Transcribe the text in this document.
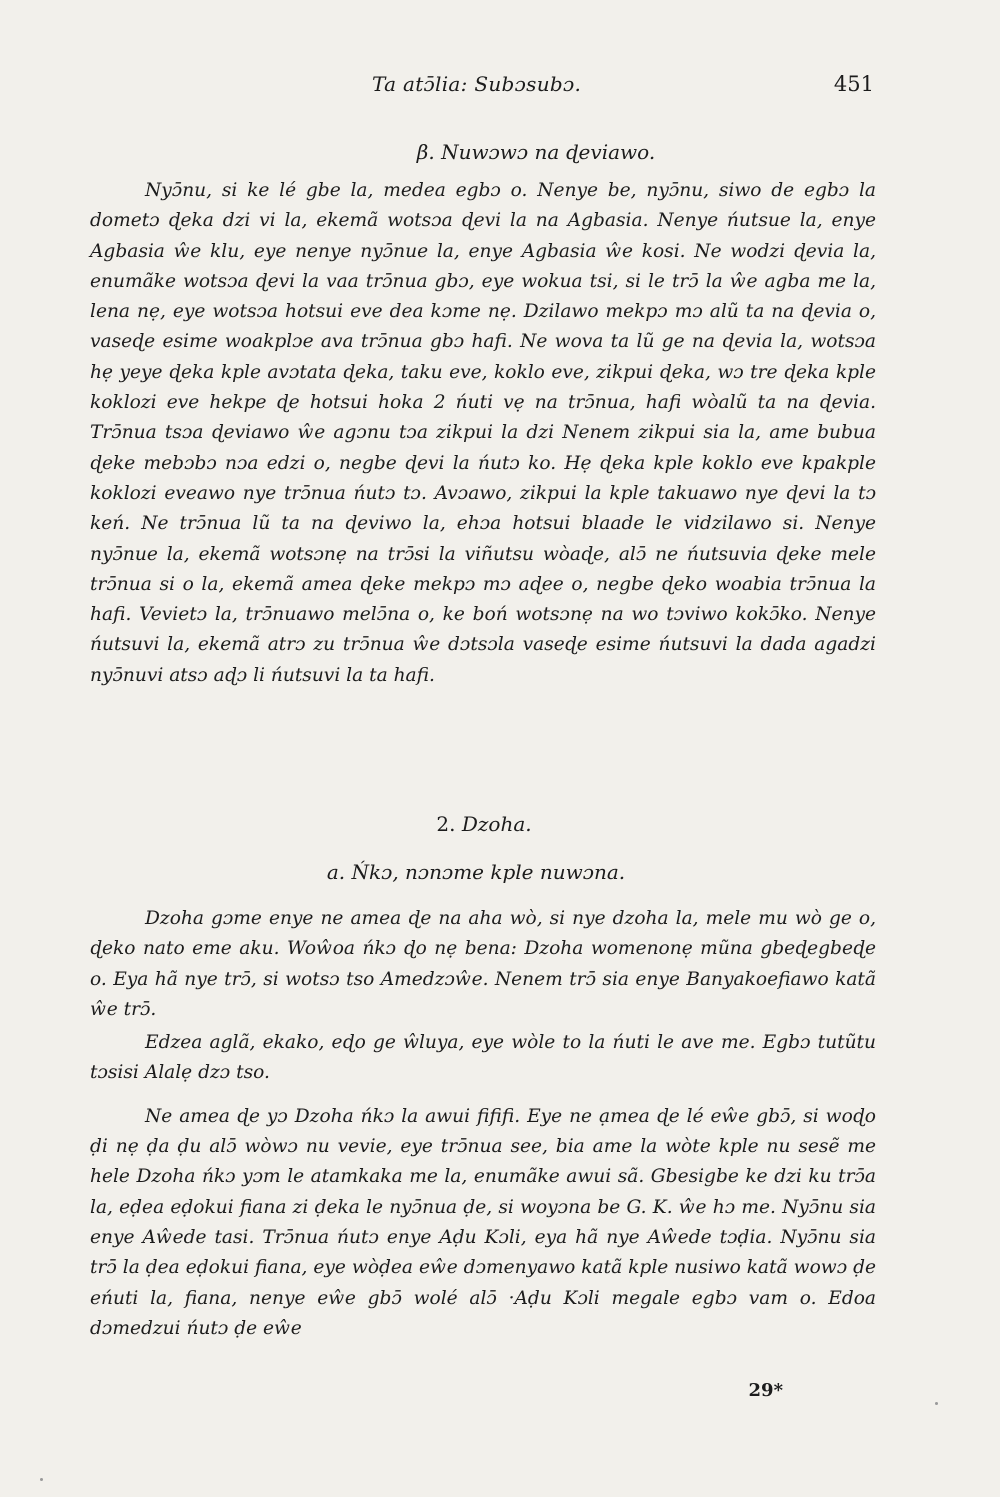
Ta atɔ̄lia: Subɔsubɔ.	451
β. Nuwɔwɔ na ɖeviawo.

Nyɔ̄nu, si ke lé gbe la, medea egbɔ o. Nenye be, nyɔ̄nu, siwo de egbɔ la dometɔ ɖeka dzi vi la, ekemã wotsɔa ɖevi la na Agbasia. Nenye ńutsue la, enye Agbasia ŵe klu, eye nenye nyɔ̄nue la, enye Agbasia ŵe kosi. Ne wodzi ɖevia la, enumãke wotsɔa ɖevi la vaa trɔ̄nua gbɔ, eye wokua tsi, si le trɔ̄ la ŵe agba me la, lena nẹ, eye wotsɔa hotsui eve dea kɔme nẹ. Dzilawo mekpɔ mɔ alũ ta na ɖevia o, vaseɖe esime woakplɔe ava trɔ̄nua gbɔ hafi. Ne wova ta lũ ge na ɖevia la, wotsɔa hẹ yeye ɖeka kple avɔtata ɖeka, taku eve, koklo eve, zikpui ɖeka, wɔ tre ɖeka kple koklozi eve hekpe ɖe hotsui hoka 2 ńuti vẹ na trɔ̄nua, hafi wòalũ ta na ɖevia. Trɔ̄nua tsɔa ɖeviawo ŵe agɔnu tɔa zikpui la dzi Nenem zikpui sia la, ame bubua ɖeke mebɔbɔ nɔa edzi o, negbe ɖevi la ńutɔ ko. Hẹ ɖeka kple koklo eve kpakple koklozi eveawo nye trɔ̄nua ńutɔ tɔ. Avɔawo, zikpui la kple takuawo nye ɖevi la tɔ keń. Ne trɔ̄nua lũ ta na ɖeviwo la, ehɔa hotsui blaade le vidzilawo si. Nenye nyɔ̄nue la, ekemã wotsɔnẹ na trɔ̄si la viñutsu wòaɖe, alɔ̄ ne ńutsuvia ɖeke mele trɔ̄nua si o la, ekemã amea ɖeke mekpɔ mɔ aɖee o, negbe ɖeko woabia trɔ̄nua la hafi. Vevietɔ la, trɔ̄nuawo melɔ̄na o, ke boń wotsɔnẹ na wo tɔviwo kokɔ̄ko. Nenye ńutsuvi la, ekemã atrɔ zu trɔ̄nua ŵe dɔtsɔla vaseɖe esime ńutsuvi la dada agadzi nyɔ̄nuvi atsɔ aɖɔ li ńutsuvi la ta hafi.

2. Dzoha.
a. Ńkɔ, nɔnɔme kple nuwɔna.

Dzoha gɔme enye ne amea ɖe na aha wò, si nye dzoha la, mele mu wò ge o, ɖeko nato eme aku. Woŵoa ńkɔ ɖo nẹ bena: Dzoha womenonẹ mũna gbeɖegbeɖe o. Eya hã nye trɔ̄, si wotsɔ tso Amedzɔŵe. Nenem trɔ̄ sia enye Banyakoefiawo katã ŵe trɔ̄.

Edzea aglã, ekako, eɖo ge ŵluya, eye wòle to la ńuti le ave me. Egbɔ tutũtu tɔsisi Alalẹ dzɔ tso.

Ne amea ɖe yɔ Dzoha ńkɔ la awui fififi. Eye ne ạmea ɖe lé eŵe gbɔ̄, si woɖo ḍi nẹ ḍa ḍu alɔ̄ wòwɔ nu vevie, eye trɔ̄nua see, bia ame la wòte kple nu sesẽ me hele Dzoha ńkɔ yɔm le atamkaka me la, enumãke awui sã. Gbesigbe ke dzi ku trɔ̄a la, eḍea eḍokui fiana zi ḍeka le nyɔ̄nua ḍe, si woyɔna be G. K. ŵe hɔ me. Nyɔ̄nu sia enye Aŵede tasi. Trɔ̄nua ńutɔ enye Aḍu Kɔli, eya hã nye Aŵede tɔḍia. Nyɔ̄nu sia trɔ̄ la ḍea eḍokui fiana, eye wòḍea eŵe dɔmenyawo katã kple nusiwo katã wowɔ ḍe eńuti la, fiana, nenye eŵe gbɔ̄ wolé alɔ̄ ·Aḍu Kɔli megale egbɔ vam o. Edoa dɔmedzui ńutɔ ḍe eŵe

29*
